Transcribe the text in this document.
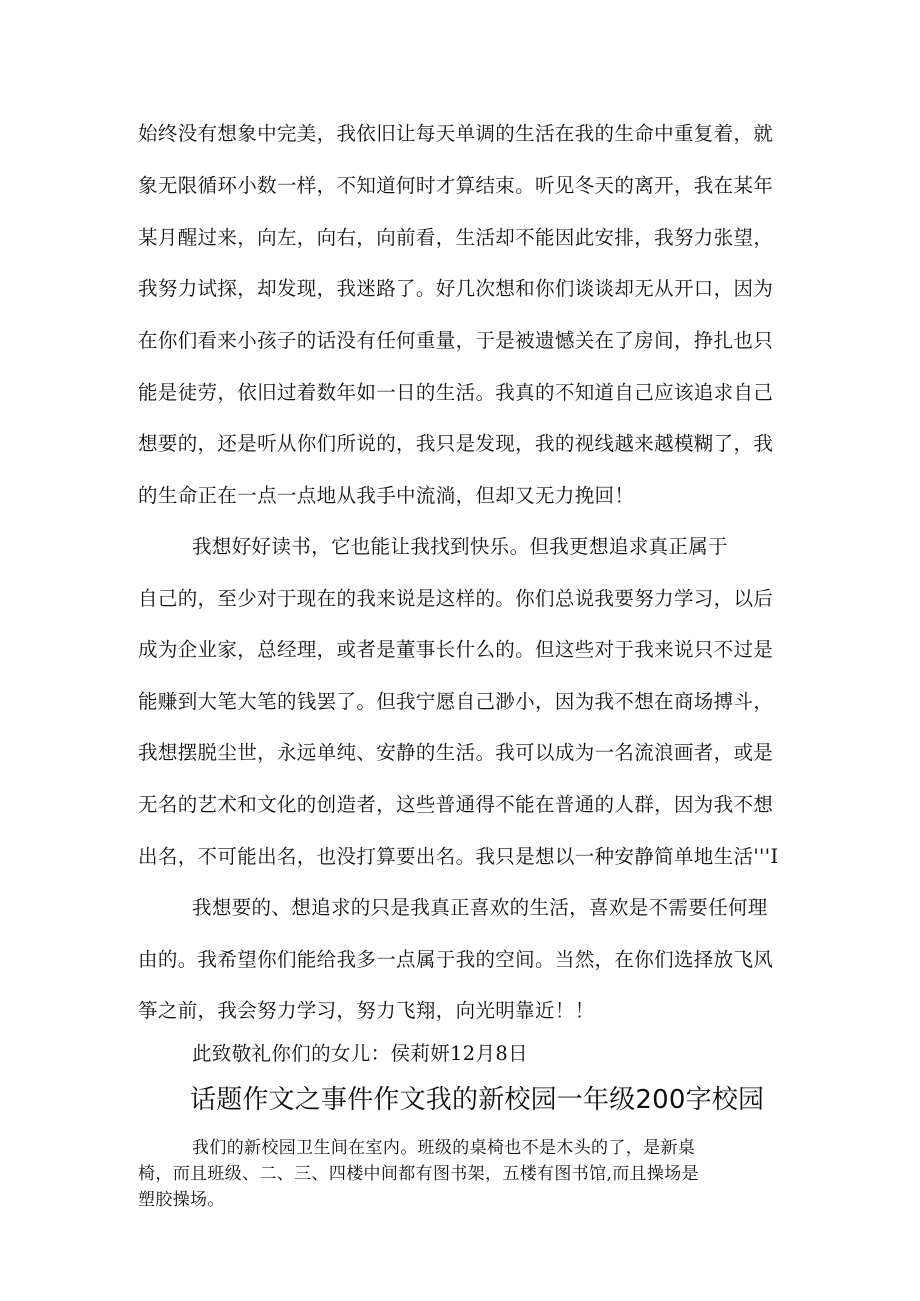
始终没有想象中完美，我依旧让每天单调的生活在我的生命中重复着，就
象无限循环小数一样，不知道何时才算结束。听见冬天的离开，我在某年
某月醒过来，向左，向右，向前看，生活却不能因此安排，我努力张望，
我努力试探，却发现，我迷路了。好几次想和你们谈谈却无从开口，因为
在你们看来小孩子的话没有任何重量，于是被遗憾关在了房间，挣扎也只
能是徒劳，依旧过着数年如一日的生活。我真的不知道自己应该追求自己
想要的，还是听从你们所说的，我只是发现，我的视线越来越模糊了，我
的生命正在一点一点地从我手中流淌，但却又无力挽回！
我想好好读书，它也能让我找到快乐。但我更想追求真正属于
自己的，至少对于现在的我来说是这样的。你们总说我要努力学习，以后
成为企业家，总经理，或者是董事长什么的。但这些对于我来说只不过是
能赚到大笔大笔的钱罢了。但我宁愿自己渺小，因为我不想在商场搏斗，
我想摆脱尘世，永远单纯、安静的生活。我可以成为一名流浪画者，或是
无名的艺术和文化的创造者，这些普通得不能在普通的人群，因为我不想
出名，不可能出名，也没打算要出名。我只是想以一种安静简单地生活'''I
我想要的、想追求的只是我真正喜欢的生活，喜欢是不需要任何理
由的。我希望你们能给我多一点属于我的空间。当然，在你们选择放飞风
筝之前，我会努力学习，努力飞翔，向光明靠近！！
此致敬礼你们的女儿：侯莉妍12月8日
话题作文之事件作文我的新校园一年级200字校园
我们的新校园卫生间在室内。班级的桌椅也不是木头的了，是新桌
椅，而且班级、二、三、四楼中间都有图书架，五楼有图书馆,而且操场是
塑胶操场。
